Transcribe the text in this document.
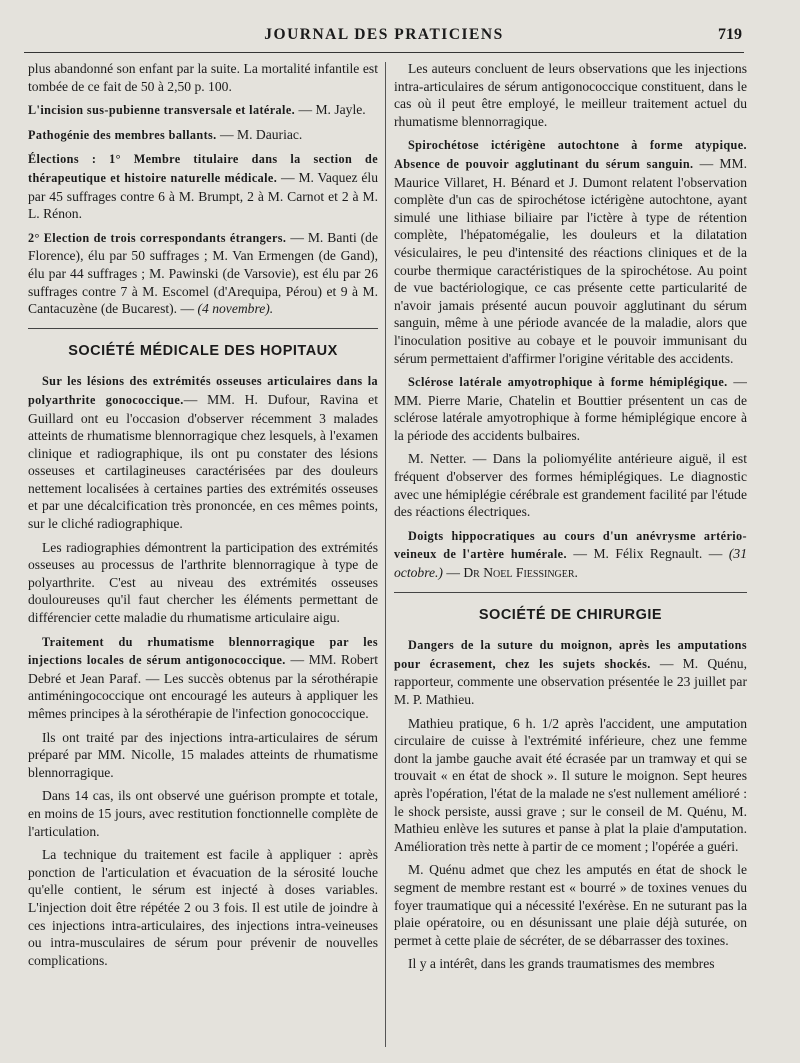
JOURNAL DES PRATICIENS	719

plus abandonné son enfant par la suite. La mortalité infantile est tombée de ce fait de 50 à 2,50 p. 100.

L'incision sus-pubienne transversale et latérale. — M. Jayle.

Pathogénie des membres ballants. — M. Dauriac.

Élections : 1° Membre titulaire dans la section de thérapeutique et histoire naturelle médicale. — M. Vaquez élu par 45 suffrages contre 6 à M. Brumpt, 2 à M. Carnot et 2 à M. L. Rénon.

2° Election de trois correspondants étrangers. — M. Banti (de Florence), élu par 50 suffrages ; M. Van Ermengen (de Gand), élu par 44 suffrages ; M. Pawinski (de Varsovie), est élu par 26 suffrages contre 7 à M. Escomel (d'Arequipa, Pérou) et 9 à M. Cantacuzène (de Bucarest). — (4 novembre).

SOCIÉTÉ MÉDICALE DES HOPITAUX

Sur les lésions des extrémités osseuses articulaires dans la polyarthrite gonococcique.— MM. H. Dufour, Ravina et Guillard ont eu l'occasion d'observer récemment 3 malades atteints de rhumatisme blennorragique chez lesquels, à l'examen clinique et radiographique, ils ont pu constater des lésions osseuses et cartilagineuses caractérisées par des douleurs nettement localisées à certaines parties des extrémités osseuses et par une décalcification très prononcée, en ces mêmes points, sur le cliché radiographique.

Les radiographies démontrent la participation des extrémités osseuses au processus de l'arthrite blennorragique à type de polyarthrite. C'est au niveau des extrémités osseuses douloureuses qu'il faut chercher les éléments permettant de différencier cette maladie du rhumatisme articulaire aigu.

Traitement du rhumatisme blennorragique par les injections locales de sérum antigonococcique. — MM. Robert Debré et Jean Paraf. — Les succès obtenus par la sérothérapie antiméningococcique ont encouragé les auteurs à appliquer les mêmes principes à la sérothérapie de l'infection gonococcique.

Ils ont traité par des injections intra-articulaires de sérum préparé par MM. Nicolle, 15 malades atteints de rhumatisme blennorragique.

Dans 14 cas, ils ont observé une guérison prompte et totale, en moins de 15 jours, avec restitution fonctionnelle complète de l'articulation.

La technique du traitement est facile à appliquer : après ponction de l'articulation et évacuation de la sérosité louche qu'elle contient, le sérum est injecté à doses variables. L'injection doit être répétée 2 ou 3 fois. Il est utile de joindre à ces injections intra-articulaires, des injections intra-veineuses ou intra-musculaires de sérum pour prévenir de nouvelles complications.

Les auteurs concluent de leurs observations que les injections intra-articulaires de sérum antigonococcique constituent, dans le cas où il peut être employé, le meilleur traitement actuel du rhumatisme blennorragique.

Spirochétose ictérigène autochtone à forme atypique. Absence de pouvoir agglutinant du sérum sanguin. — MM. Maurice Villaret, H. Bénard et J. Dumont relatent l'observation complète d'un cas de spirochétose ictérigène autochtone, ayant simulé une lithiase biliaire par l'ictère à type de rétention complète, l'hépatomégalie, les douleurs et la dilatation vésiculaires, le peu d'intensité des réactions cliniques et de la courbe thermique caractéristiques de la spirochétose. Au point de vue bactériologique, ce cas présente cette particularité de n'avoir jamais présenté aucun pouvoir agglutinant du sérum sanguin, même à une période avancée de la maladie, alors que l'inoculation positive au cobaye et le pouvoir immunisant du sérum permettaient d'affirmer l'origine véritable des accidents.

Sclérose latérale amyotrophique à forme hémiplégique. — MM. Pierre Marie, Chatelin et Bouttier présentent un cas de sclérose latérale amyotrophique à forme hémiplégique encore à la période des accidents bulbaires.

M. Netter. — Dans la poliomyélite antérieure aiguë, il est fréquent d'observer des formes hémiplégiques. Le diagnostic avec une hémiplégie cérébrale est grandement facilité par l'étude des réactions électriques.

Doigts hippocratiques au cours d'un anévrysme artério-veineux de l'artère humérale. — M. Félix Regnault. — (31 octobre.) — Dr Noel Fiessinger.

SOCIÉTÉ DE CHIRURGIE

Dangers de la suture du moignon, après les amputations pour écrasement, chez les sujets shockés. — M. Quénu, rapporteur, commente une observation présentée le 23 juillet par M. P. Mathieu.

Mathieu pratique, 6 h. 1/2 après l'accident, une amputation circulaire de cuisse à l'extrémité inférieure, chez une femme dont la jambe gauche avait été écrasée par un tramway et qui se trouvait « en état de shock ». Il suture le moignon. Sept heures après l'opération, l'état de la malade ne s'est nullement amélioré : le shock persiste, aussi grave ; sur le conseil de M. Quénu, M. Mathieu enlève les sutures et panse à plat la plaie d'amputation. Amélioration très nette à partir de ce moment ; l'opérée a guéri.

M. Quénu admet que chez les amputés en état de shock le segment de membre restant est « bourré » de toxines venues du foyer traumatique qui a nécessité l'exérèse. En ne suturant pas la plaie opératoire, ou en désunissant une plaie déjà suturée, on permet à cette plaie de sécréter, de se débarrasser des toxines.

Il y a intérêt, dans les grands traumatismes des membres
